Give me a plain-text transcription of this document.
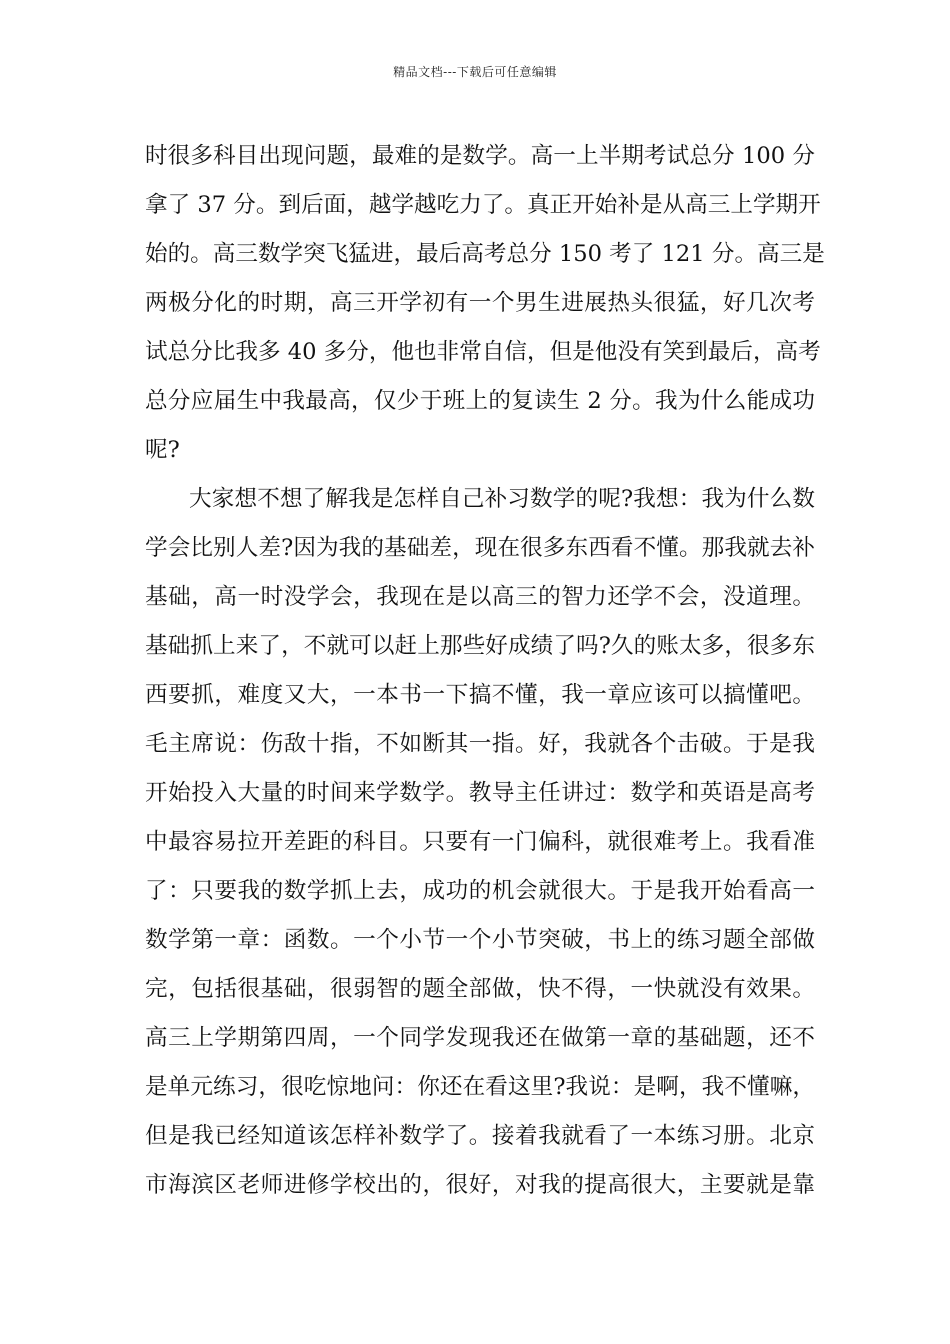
精品文档---下载后可任意编辑
时很多科目出现问题，最难的是数学。高一上半期考试总分 100 分
拿了 37 分。到后面，越学越吃力了。真正开始补是从高三上学期开
始的。高三数学突飞猛进，最后高考总分 150 考了 121 分。高三是
两极分化的时期，高三开学初有一个男生进展热头很猛，好几次考
试总分比我多 40 多分，他也非常自信，但是他没有笑到最后，高考
总分应届生中我最高，仅少于班上的复读生 2 分。我为什么能成功
呢?
大家想不想了解我是怎样自己补习数学的呢?我想：我为什么数
学会比别人差?因为我的基础差，现在很多东西看不懂。那我就去补
基础，高一时没学会，我现在是以高三的智力还学不会，没道理。
基础抓上来了，不就可以赶上那些好成绩了吗?久的账太多，很多东
西要抓，难度又大，一本书一下搞不懂，我一章应该可以搞懂吧。
毛主席说：伤敌十指，不如断其一指。好，我就各个击破。于是我
开始投入大量的时间来学数学。教导主任讲过：数学和英语是高考
中最容易拉开差距的科目。只要有一门偏科，就很难考上。我看准
了：只要我的数学抓上去，成功的机会就很大。于是我开始看高一
数学第一章：函数。一个小节一个小节突破，书上的练习题全部做
完，包括很基础，很弱智的题全部做，快不得，一快就没有效果。
高三上学期第四周，一个同学发现我还在做第一章的基础题，还不
是单元练习，很吃惊地问：你还在看这里?我说：是啊，我不懂嘛，
但是我已经知道该怎样补数学了。接着我就看了一本练习册。北京
市海滨区老师进修学校出的，很好，对我的提高很大，主要就是靠
